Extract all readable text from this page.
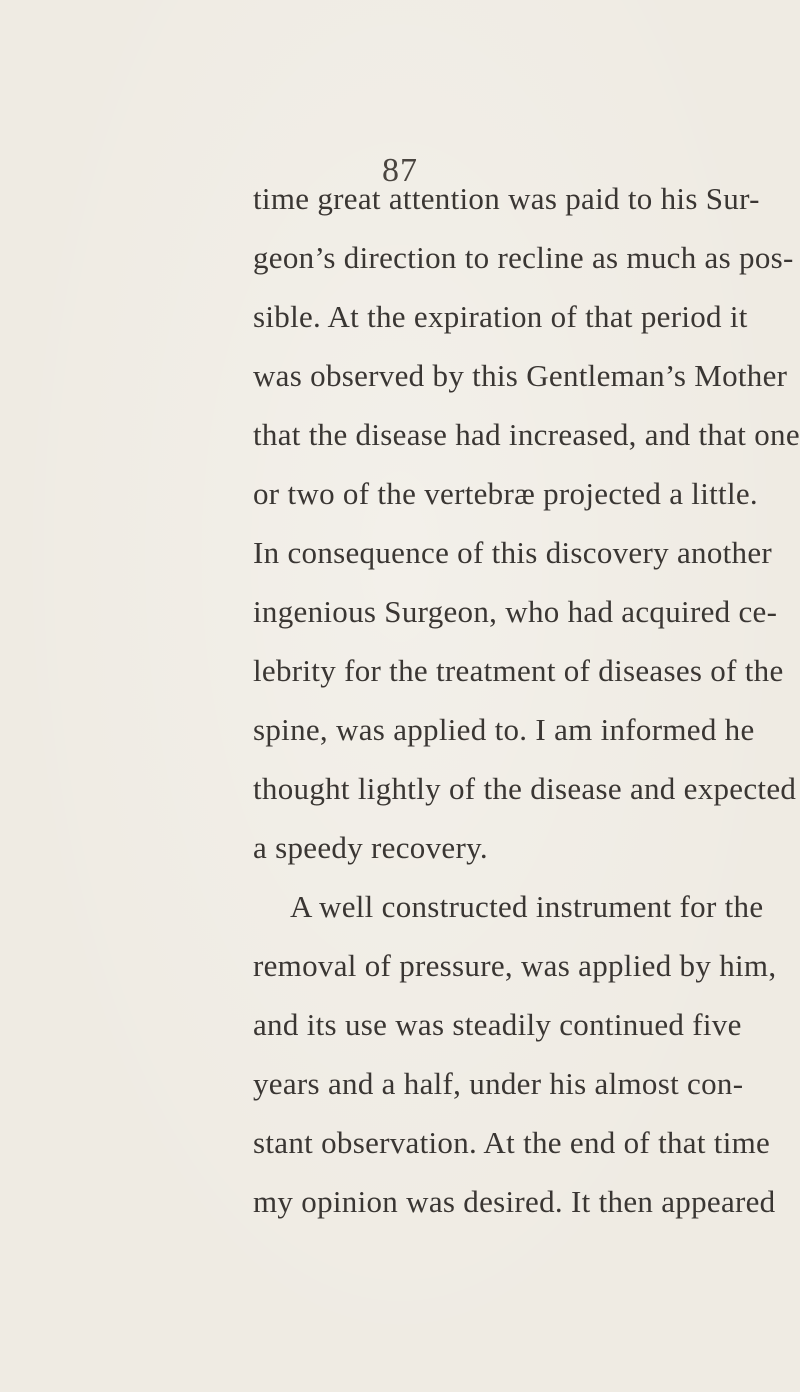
87
time great attention was paid to his Sur-
geon’s direction to recline as much as pos-
sible. At the expiration of that period it
was observed by this Gentleman’s Mother
that the disease had increased, and that one
or two of the vertebræ projected a little.
In consequence of this discovery another
ingenious Surgeon, who had acquired ce-
lebrity for the treatment of diseases of the
spine, was applied to. I am informed he
thought lightly of the disease and expected
a speedy recovery.
A well constructed instrument for the
removal of pressure, was applied by him,
and its use was steadily continued five
years and a half, under his almost con-
stant observation. At the end of that time
my opinion was desired. It then appeared
